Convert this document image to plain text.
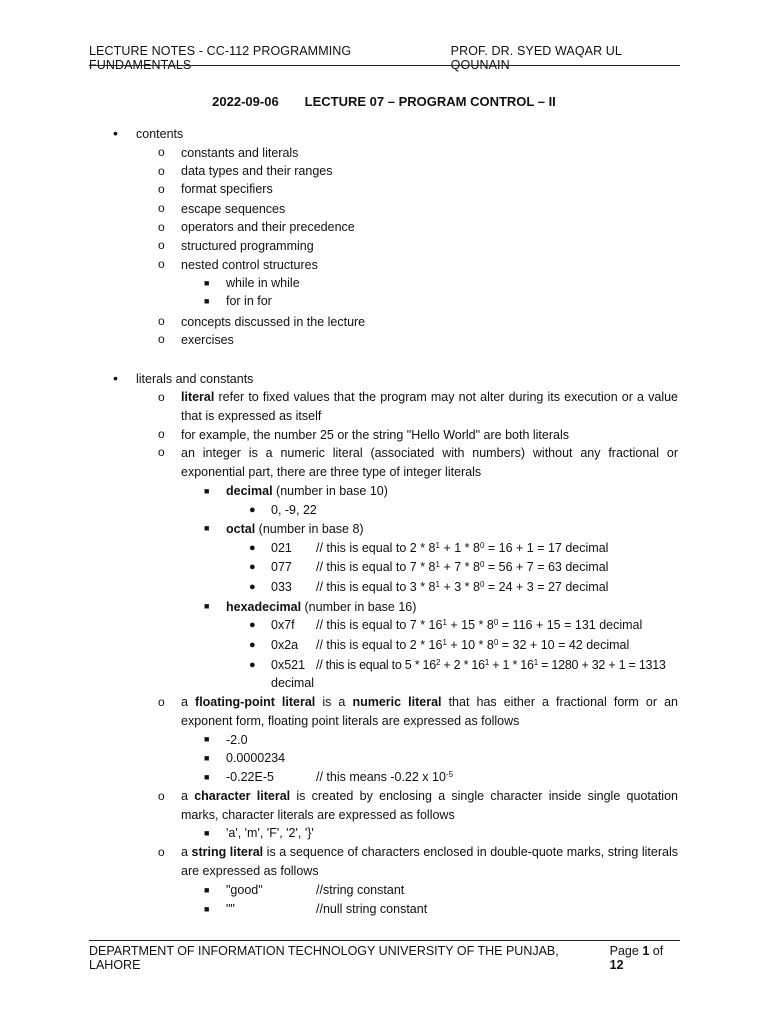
LECTURE NOTES - CC-112 PROGRAMMING FUNDAMENTALS
PROF. DR. SYED WAQAR UL QOUNAIN
2022-09-06 LECTURE 07 – PROGRAM CONTROL – II
• contents
o constants and literals
o data types and their ranges
o format specifiers
o escape sequences
o operators and their precedence
o structured programming
o nested control structures
■ while in while
■ for in for
o concepts discussed in the lecture
o exercises
• literals and constants
o literal refer to fixed values that the program may not alter during its execution or a value that is expressed as itself
o for example, the number 25 or the string "Hello World" are both literals
o an integer is a numeric literal (associated with numbers) without any fractional or exponential part, there are three type of integer literals
■ decimal (number in base 10)
● 0, -9, 22
■ octal (number in base 8)
● 021 // this is equal to $2 * 8^1 + 1 * 8^0 = 16 + 1 = 17$ decimal
● 077 // this is equal to $7 * 8^1 + 7 * 8^0 = 56 + 7 = 63$ decimal
● 033 // this is equal to $3 * 8^1 + 3 * 8^0 = 24 + 3 = 27$ decimal
■ hexadecimal (number in base 16)
● 0x7f // this is equal to $7 * 16^1 + 15 * 8^0 = 116 + 15 = 131$ decimal
● 0x2a // this is equal to $2 * 16^1 + 10 * 8^0 = 32 + 10 = 42$ decimal
● 0x521 // this is equal to $5 * 16^2 + 2 * 16^1 + 1 * 16^1 = 1280 + 32 + 1 = 1313$
decimal
o a floating-point literal is a numeric literal that has either a fractional form or an exponent form, floating point literals are expressed as follows
■ -2.0
■ 0.0000234
■ -0.22E-5	// this means -0.22 x $10^{-5}$
o a character literal is created by enclosing a single character inside single quotation marks, character literals are expressed as follows
■ 'a', 'm', 'F', '2', '}'
o a string literal is a sequence of characters enclosed in double-quote marks, string literals are expressed as follows
■ "good"	//string constant
■ ""	//null string constant
DEPARTMENT OF INFORMATION TECHNOLOGY UNIVERSITY OF THE PUNJAB, LAHORE
Page 1 of 12
